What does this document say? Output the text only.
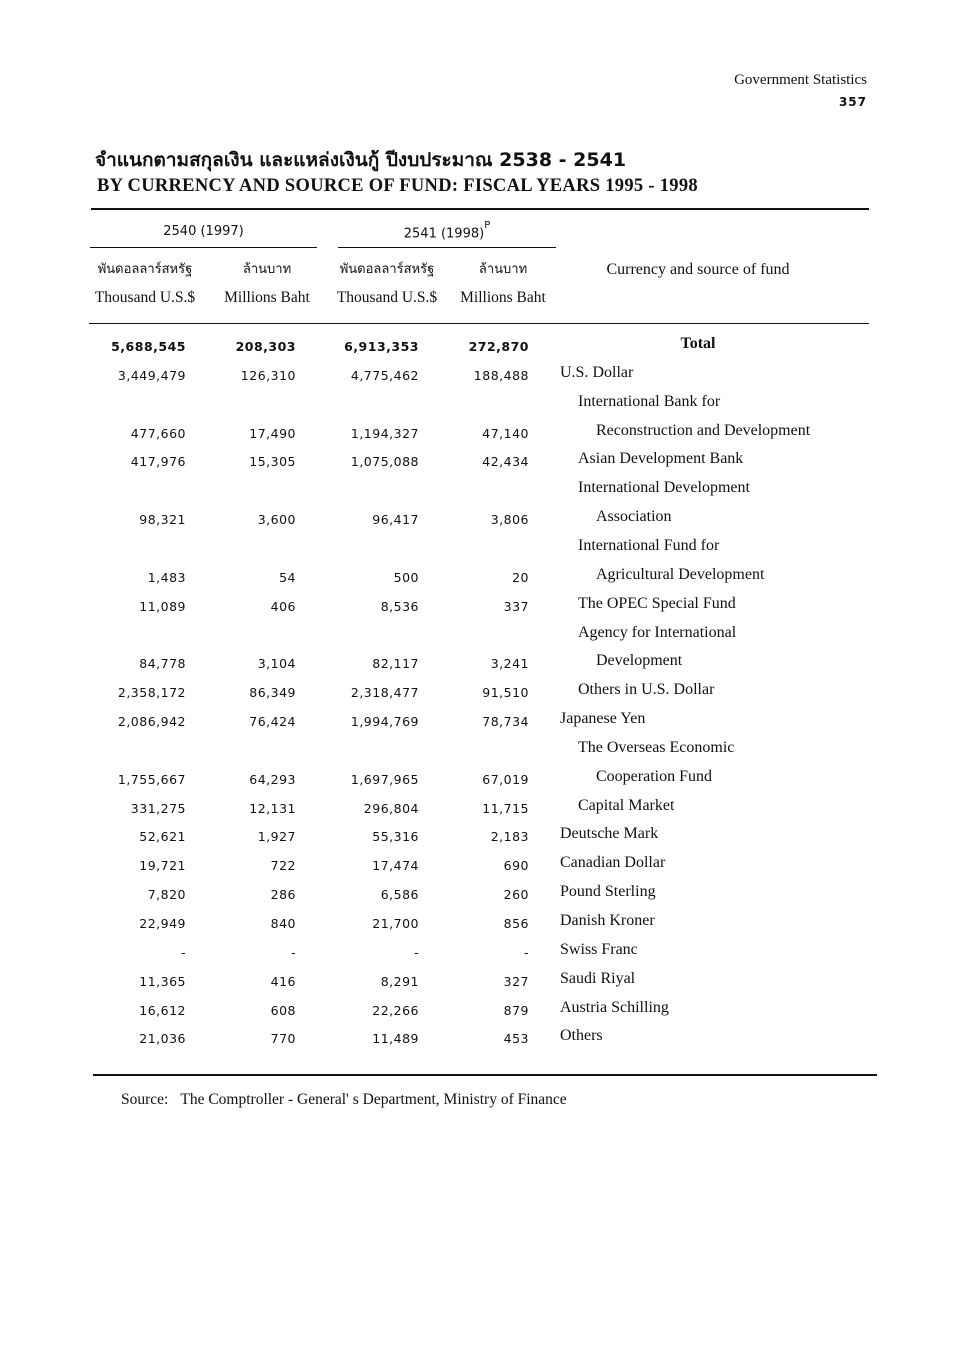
Government Statistics
357
จำแนกตามสกุลเงิน และแหล่งเงินกู้ ปีงบประมาณ 2538 - 2541
BY CURRENCY AND SOURCE OF FUND: FISCAL YEARS 1995 - 1998
2540 (1997)	2541 $(1998)^P$
พันดอลลาร์สหรัฐ
Thousand U.S.$
ล้านบาท
Millions Baht
พันดอลลาร์สหรัฐ
Thousand U.S.$
ล้านบาท
Millions Baht
Currency and source of fund
5,688,545	208,303	6,913,353	272,870	Total
3,449,479	126,310	4,775,462	188,488 U.S. Dollar
International Bank for
477,660	17,490	1,194,327	47,140	Reconstruction and Development
417,976	15,305	1,075,088	42,434	Asian Development Bank
International Development
98,321	3,600	96,417	3,806	Association
International Fund for
1,483	54	500	20	Agricultural Development
11,089	406	8,536	337	The OPEC Special Fund
Agency for International
84,778	3,104	82,117	3,241	Development
2,358,172	86,349	2,318,477	91,510	Others in U.S. Dollar
2,086,942	76,424	1,994,769	78,734 Japanese Yen
The Overseas Economic
1,755,667	64,293	1,697,965	67,019	Cooperation Fund
331,275	12,131	296,804	11,715	Capital Market
52,621	1,927	55,316	2,183 Deutsche Mark
19,721	722	17,474	690 Canadian Dollar
7,820	286	6,586	260 Pound Sterling
22,949	840	21,700	856 Danish Kroner
-	-	-	- Swiss Franc
11,365	416	8,291	327 Saudi Riyal
16,612	608	22,266	879 Austria Schilling
21,036	770	11,489	453 Others
Source: The Comptroller - General' s Department, Ministry of Finance
